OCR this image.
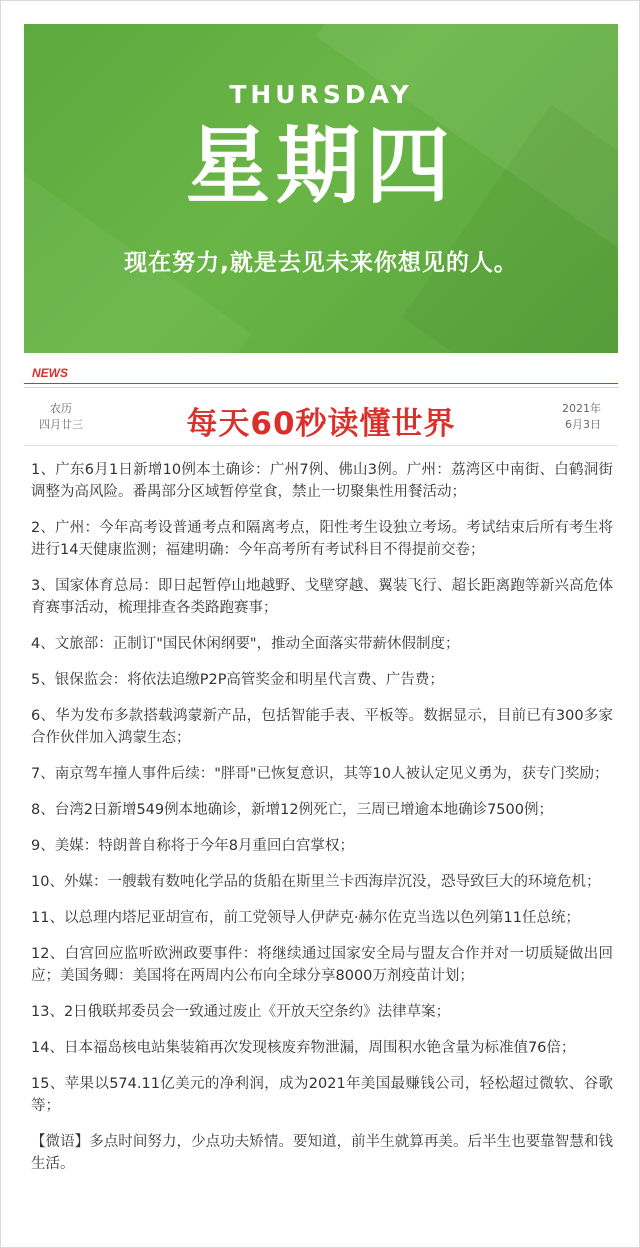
THURSDAY
星期四
现在努力,就是去见未来你想见的人。
NEWS
农历
四月廿三	每天60秒读懂世界	2021年
6月3日
1、广东6月1日新增10例本土确诊：广州7例、佛山3例。广州：荔湾区中南街、白鹤洞街调整为高风险。番禺部分区域暂停堂食，禁止一切聚集性用餐活动；
2、广州：今年高考设普通考点和隔离考点，阳性考生设独立考场。考试结束后所有考生将进行14天健康监测；福建明确：今年高考所有考试科目不得提前交卷；
3、国家体育总局：即日起暂停山地越野、戈壁穿越、翼装飞行、超长距离跑等新兴高危体育赛事活动，梳理排查各类路跑赛事；
4、文旅部：正制订"国民休闲纲要"，推动全面落实带薪休假制度；
5、银保监会：将依法追缴P2P高管奖金和明星代言费、广告费；
6、华为发布多款搭载鸿蒙新产品，包括智能手表、平板等。数据显示，目前已有300多家合作伙伴加入鸿蒙生态；
7、南京驾车撞人事件后续："胖哥"已恢复意识，其等10人被认定见义勇为，获专门奖励；
8、台湾2日新增549例本地确诊，新增12例死亡，三周已增逾本地确诊7500例；
9、美媒：特朗普自称将于今年8月重回白宫掌权；
10、外媒：一艘载有数吨化学品的货船在斯里兰卡西海岸沉没，恐导致巨大的环境危机；
11、以总理内塔尼亚胡宣布，前工党领导人伊萨克·赫尔佐克当选以色列第11任总统；
12、白宫回应监听欧洲政要事件：将继续通过国家安全局与盟友合作并对一切质疑做出回应；美国务卿：美国将在两周内公布向全球分享8000万剂疫苗计划；
13、2日俄联邦委员会一致通过废止《开放天空条约》法律草案；
14、日本福岛核电站集装箱再次发现核废弃物泄漏，周围积水铯含量为标准值76倍；
15、苹果以574.11亿美元的净利润，成为2021年美国最赚钱公司，轻松超过微软、谷歌等；

【微语】多点时间努力，少点功夫矫情。要知道，前半生就算再美。后半生也要靠智慧和钱生活。
